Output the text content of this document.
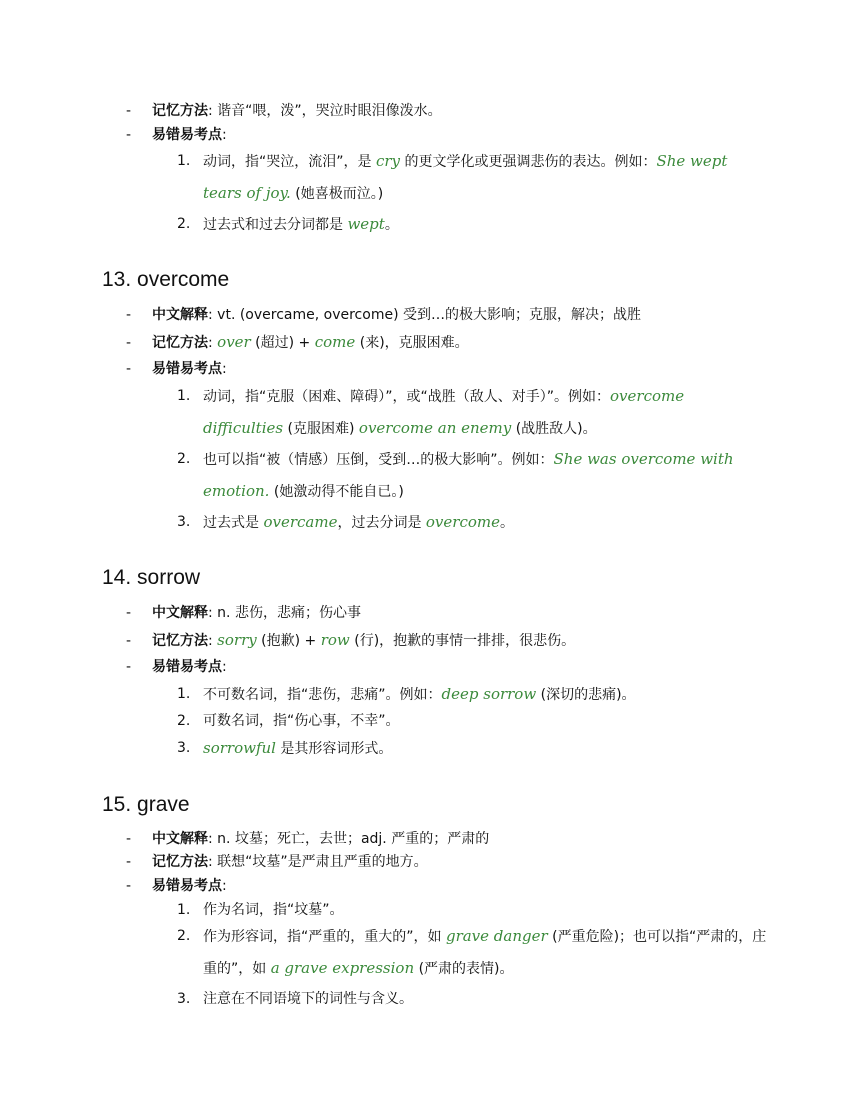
- 记忆方法: 谐音“喂，泼”，哭泣时眼泪像泼水。
- 易错易考点:
1. 动词，指“哭泣，流泪”，是 cry 的更文学化或更强调悲伤的表达。例如：She wept tears of joy. (她喜极而泣。)
2. 过去式和过去分词都是 wept。
13. overcome
- 中文解释: vt. (overcame, overcome) 受到…的极大影响；克服，解决；战胜
- 记忆方法: over (超过) + come (来)，克服困难。
- 易错易考点:
1. 动词，指“克服（困难、障碍）”，或“战胜（敌人、对手）”。例如：overcome difficulties (克服困难) overcome an enemy (战胜敌人)。
2. 也可以指“被（情感）压倒，受到…的极大影响”。例如：She was overcome with emotion. (她激动得不能自已。)
3. 过去式是 overcame，过去分词是 overcome。
14. sorrow
- 中文解释: n. 悲伤，悲痛；伤心事
- 记忆方法: sorry (抱歉) + row (行)，抱歉的事情一排排，很悲伤。
- 易错易考点:
1. 不可数名词，指“悲伤，悲痛”。例如：deep sorrow (深切的悲痛)。
2. 可数名词，指“伤心事，不幸”。
3. sorrowful 是其形容词形式。
15. grave
- 中文解释: n. 坟墓；死亡，去世；adj. 严重的；严肃的
- 记忆方法: 联想“坟墓”是严肃且严重的地方。
- 易错易考点:
1. 作为名词，指“坟墓”。
2. 作为形容词，指“严重的，重大的”，如 grave danger (严重危险)；也可以指“严肃的，庄重的”，如 a grave expression (严肃的表情)。
3. 注意在不同语境下的词性与含义。
